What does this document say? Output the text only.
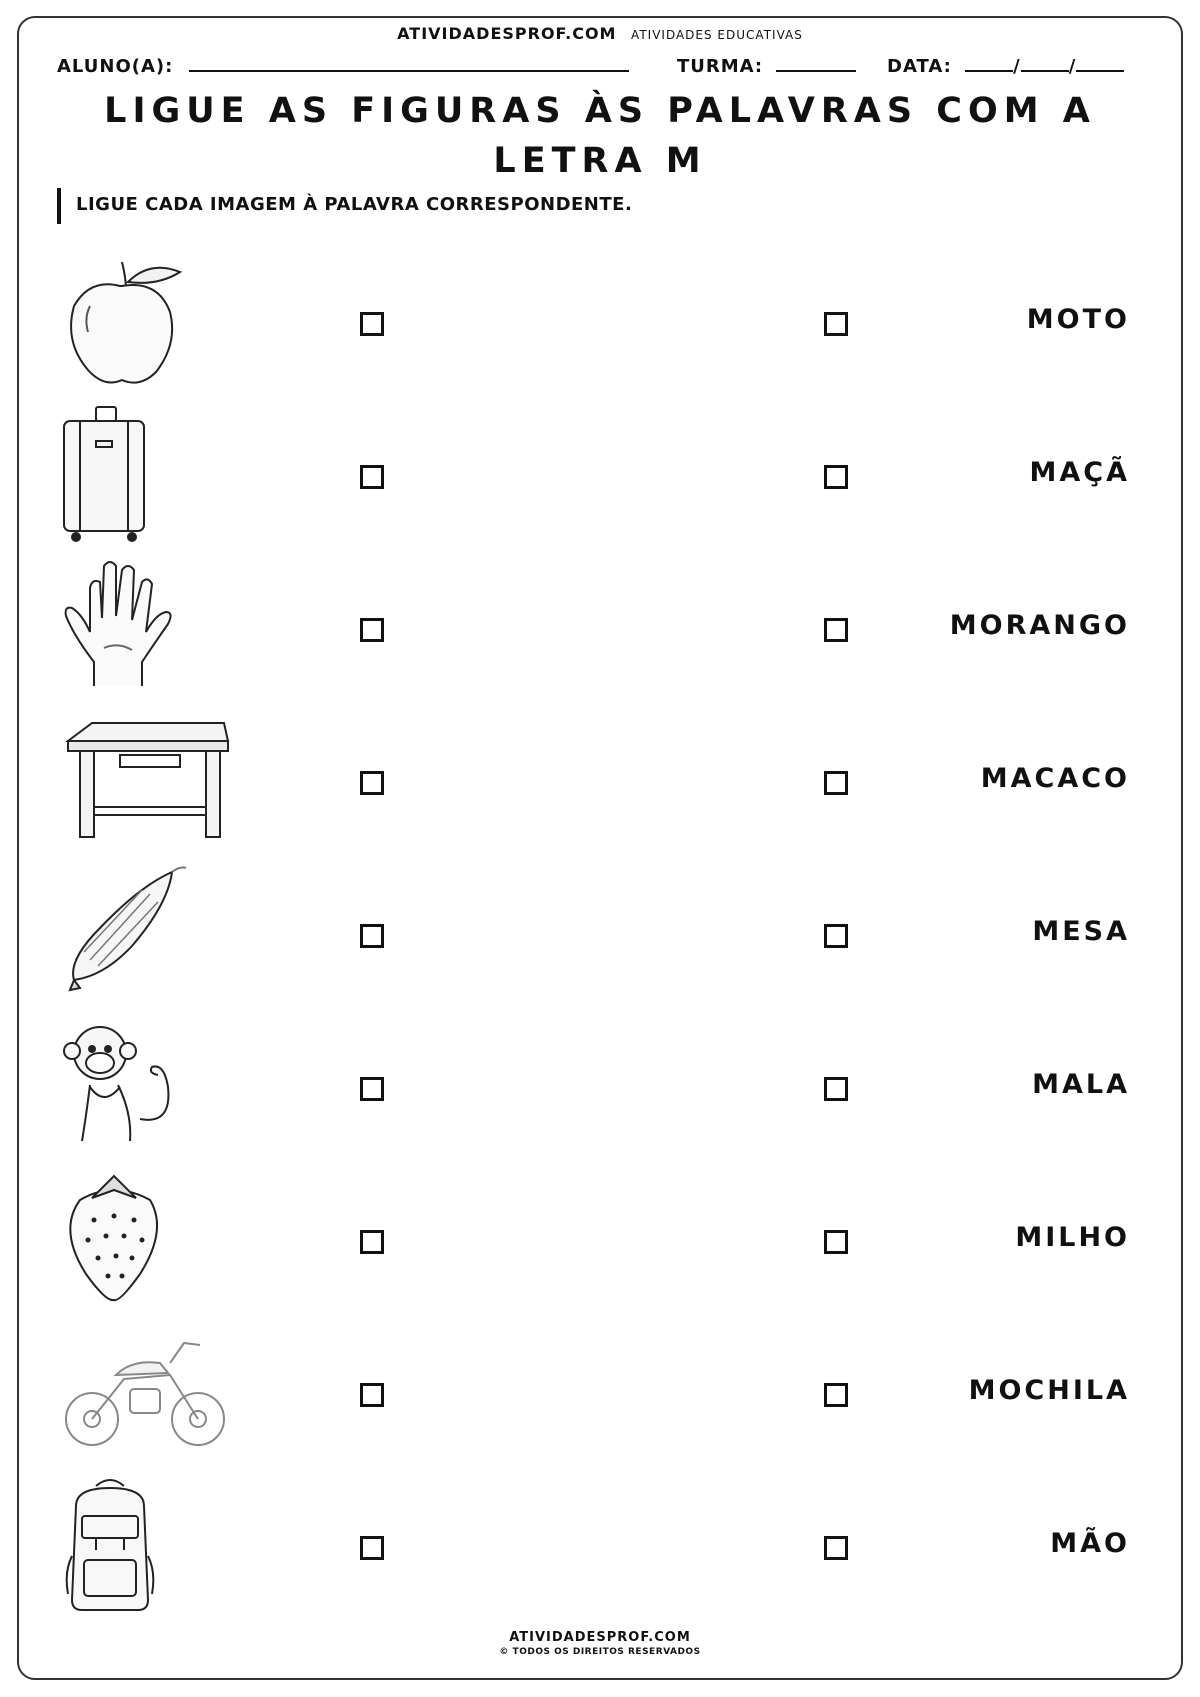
ATIVIDADESPROF.COM ATIVIDADES EDUCATIVAS
ALUNO(A):	TURMA:	DATA:	/	/
LIGUE AS FIGURAS ÀS PALAVRAS COM A
LETRA M
LIGUE CADA IMAGEM À PALAVRA CORRESPONDENTE.
MOTO
MAÇÃ
MORANGO
MACACO
MESA
MALA
MILHO
MOCHILA
MÃO
ATIVIDADESPROF.COM
© TODOS OS DIREITOS RESERVADOS
